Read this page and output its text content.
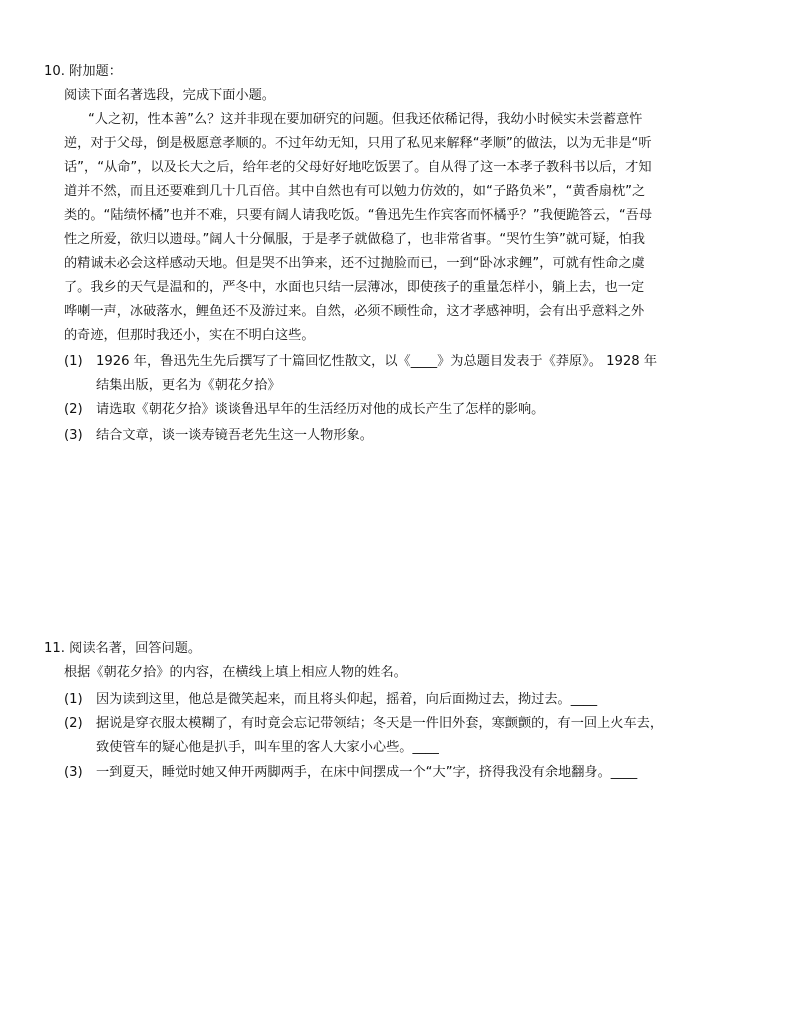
10. 附加题：
阅读下面名著选段，完成下面小题。
“人之初，性本善”么？这并非现在要加研究的问题。但我还依稀记得，我幼小时候实未尝蓄意忤
逆，对于父母，倒是极愿意孝顺的。不过年幼无知，只用了私见来解释“孝顺”的做法，以为无非是“听
话”，“从命”，以及长大之后，给年老的父母好好地吃饭罢了。自从得了这一本孝子教科书以后，才知
道并不然，而且还要难到几十几百倍。其中自然也有可以勉力仿效的，如“子路负米”，“黄香扇枕”之
类的。“陆绩怀橘”也并不难，只要有阔人请我吃饭。“鲁迅先生作宾客而怀橘乎？”我便跪答云，“吾母
性之所爱，欲归以遗母。”阔人十分佩服，于是孝子就做稳了，也非常省事。“哭竹生笋”就可疑，怕我
的精诚未必会这样感动天地。但是哭不出笋来，还不过抛脸而已，一到“卧冰求鲤”，可就有性命之虞
了。我乡的天气是温和的，严冬中，水面也只结一层薄冰，即使孩子的重量怎样小，躺上去，也一定
哗喇一声，冰破落水，鲤鱼还不及游过来。自然，必须不顾性命，这才孝感神明，会有出乎意料之外
的奇迹，但那时我还小，实在不明白这些。
(1) 1926 年，鲁迅先生先后撰写了十篇回忆性散文，以《____》为总题目发表于《莽原》。 1928 年
结集出版，更名为《朝花夕拾》
(2) 请选取《朝花夕拾》谈谈鲁迅早年的生活经历对他的成长产生了怎样的影响。
(3) 结合文章，谈一谈寿镜吾老先生这一人物形象。
11. 阅读名著，回答问题。
根据《朝花夕拾》的内容，在横线上填上相应人物的姓名。
(1) 因为读到这里，他总是微笑起来，而且将头仰起，摇着，向后面拗过去，拗过去。____
(2) 据说是穿衣服太模糊了，有时竟会忘记带领结；冬天是一件旧外套，寒颤颤的，有一回上火车去，
致使管车的疑心他是扒手，叫车里的客人大家小心些。____
(3) 一到夏天，睡觉时她又伸开两脚两手，在床中间摆成一个“大”字，挤得我没有余地翻身。____
